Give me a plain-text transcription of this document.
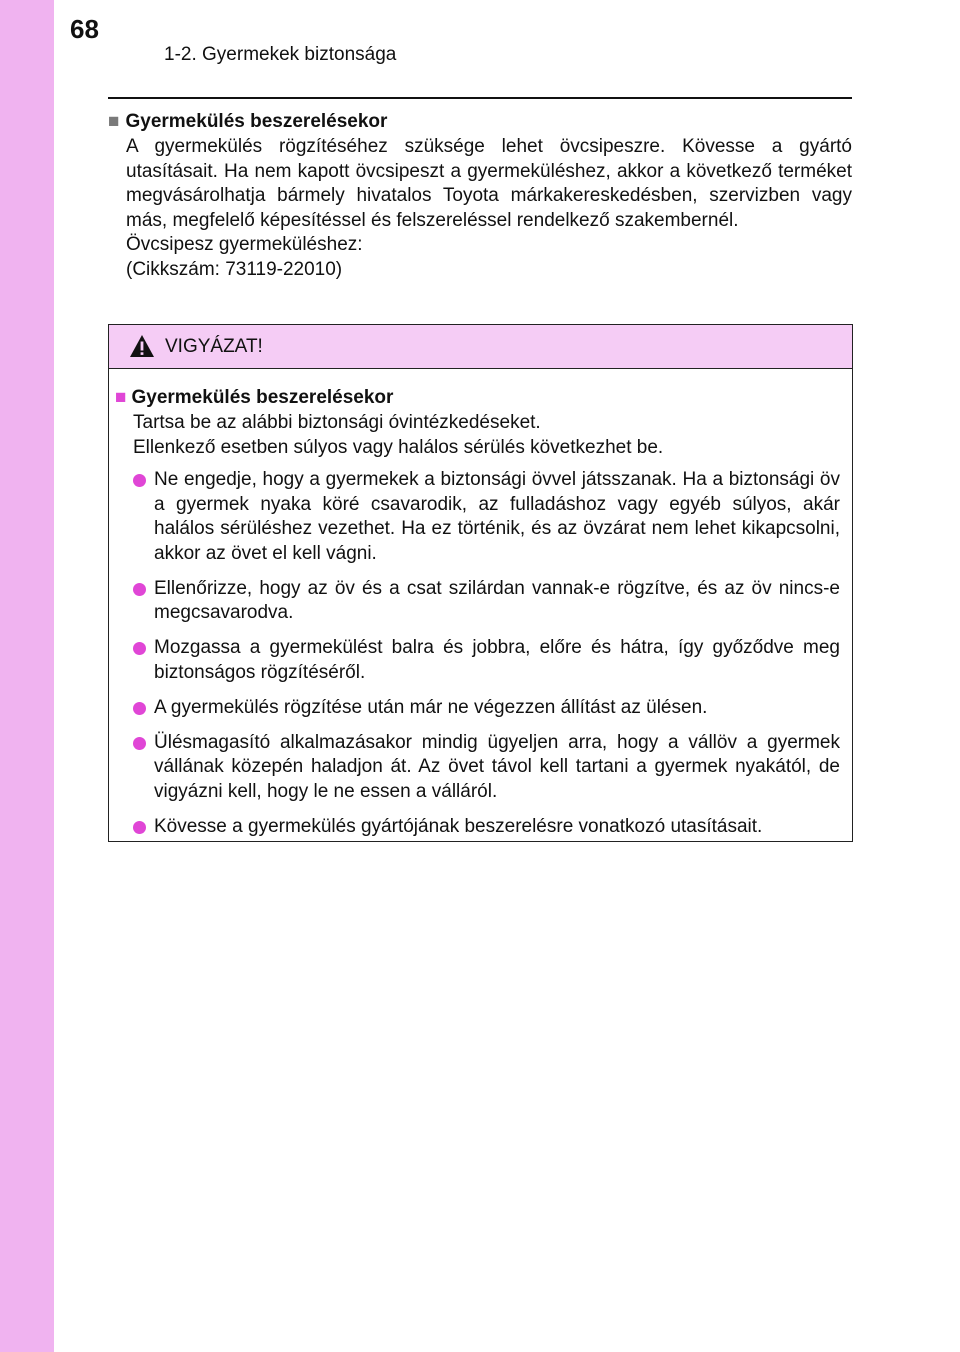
68
1-2. Gyermekek biztonsága
■ Gyermekülés beszerelésekor
A gyermekülés rögzítéséhez szüksége lehet övcsipeszre. Kövesse a gyártó utasításait. Ha nem kapott övcsipeszt a gyermeküléshez, akkor a következő terméket megvásárolhatja bármely hivatalos Toyota márkakereskedésben, szervizben vagy más, megfelelő képesítéssel és felszereléssel rendelkező szakembernél.
Övcsipesz gyermeküléshez:
(Cikkszám: 73119-22010)
VIGYÁZAT!
■ Gyermekülés beszerelésekor
Tartsa be az alábbi biztonsági óvintézkedéseket.
Ellenkező esetben súlyos vagy halálos sérülés következhet be.
Ne engedje, hogy a gyermekek a biztonsági övvel játsszanak. Ha a biztonsági öv a gyermek nyaka köré csavarodik, az fulladáshoz vagy egyéb súlyos, akár halálos sérüléshez vezethet. Ha ez történik, és az övzárat nem lehet kikapcsolni, akkor az övet el kell vágni.
Ellenőrizze, hogy az öv és a csat szilárdan vannak-e rögzítve, és az öv nincs-e megcsavarodva.
Mozgassa a gyermekülést balra és jobbra, előre és hátra, így győződve meg biztonságos rögzítéséről.
A gyermekülés rögzítése után már ne végezzen állítást az ülésen.
Ülésmagasító alkalmazásakor mindig ügyeljen arra, hogy a vállöv a gyermek vállának közepén haladjon át. Az övet távol kell tartani a gyermek nyakától, de vigyázni kell, hogy le ne essen a válláról.
Kövesse a gyermekülés gyártójának beszerelésre vonatkozó utasításait.
